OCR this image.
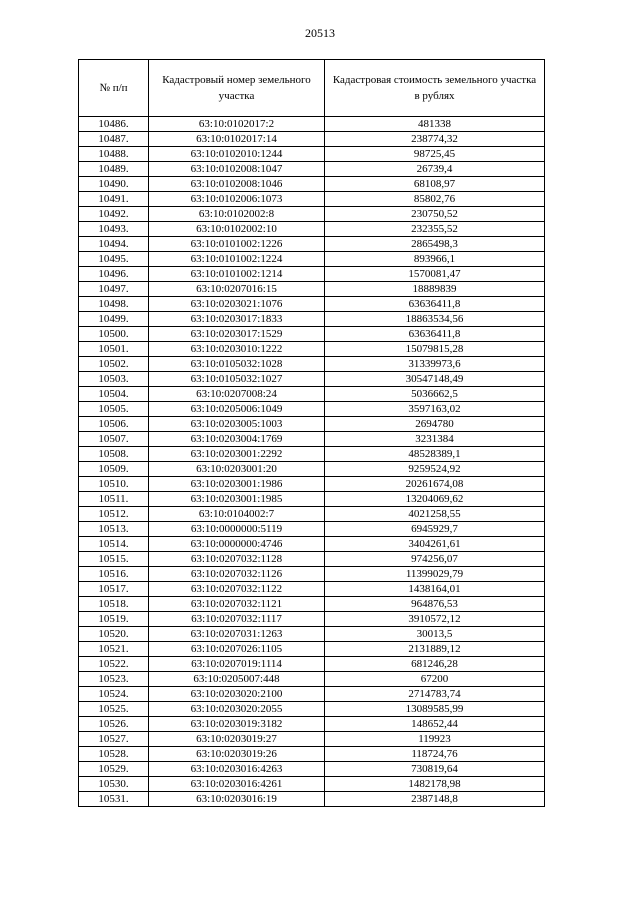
20513
№ п/п	Кадастровый номер земельного участка	Кадастровая стоимость земельного участка в рублях
10486.	63:10:0102017:2	481338
10487.	63:10:0102017:14	238774,32
10488.	63:10:0102010:1244	98725,45
10489.	63:10:0102008:1047	26739,4
10490.	63:10:0102008:1046	68108,97
10491.	63:10:0102006:1073	85802,76
10492.	63:10:0102002:8	230750,52
10493.	63:10:0102002:10	232355,52
10494.	63:10:0101002:1226	2865498,3
10495.	63:10:0101002:1224	893966,1
10496.	63:10:0101002:1214	1570081,47
10497.	63:10:0207016:15	18889839
10498.	63:10:0203021:1076	63636411,8
10499.	63:10:0203017:1833	18863534,56
10500.	63:10:0203017:1529	63636411,8
10501.	63:10:0203010:1222	15079815,28
10502.	63:10:0105032:1028	31339973,6
10503.	63:10:0105032:1027	30547148,49
10504.	63:10:0207008:24	5036662,5
10505.	63:10:0205006:1049	3597163,02
10506.	63:10:0203005:1003	2694780
10507.	63:10:0203004:1769	3231384
10508.	63:10:0203001:2292	48528389,1
10509.	63:10:0203001:20	9259524,92
10510.	63:10:0203001:1986	20261674,08
10511.	63:10:0203001:1985	13204069,62
10512.	63:10:0104002:7	4021258,55
10513.	63:10:0000000:5119	6945929,7
10514.	63:10:0000000:4746	3404261,61
10515.	63:10:0207032:1128	974256,07
10516.	63:10:0207032:1126	11399029,79
10517.	63:10:0207032:1122	1438164,01
10518.	63:10:0207032:1121	964876,53
10519.	63:10:0207032:1117	3910572,12
10520.	63:10:0207031:1263	30013,5
10521.	63:10:0207026:1105	2131889,12
10522.	63:10:0207019:1114	681246,28
10523.	63:10:0205007:448	67200
10524.	63:10:0203020:2100	2714783,74
10525.	63:10:0203020:2055	13089585,99
10526.	63:10:0203019:3182	148652,44
10527.	63:10:0203019:27	119923
10528.	63:10:0203019:26	118724,76
10529.	63:10:0203016:4263	730819,64
10530.	63:10:0203016:4261	1482178,98
10531.	63:10:0203016:19	2387148,8
